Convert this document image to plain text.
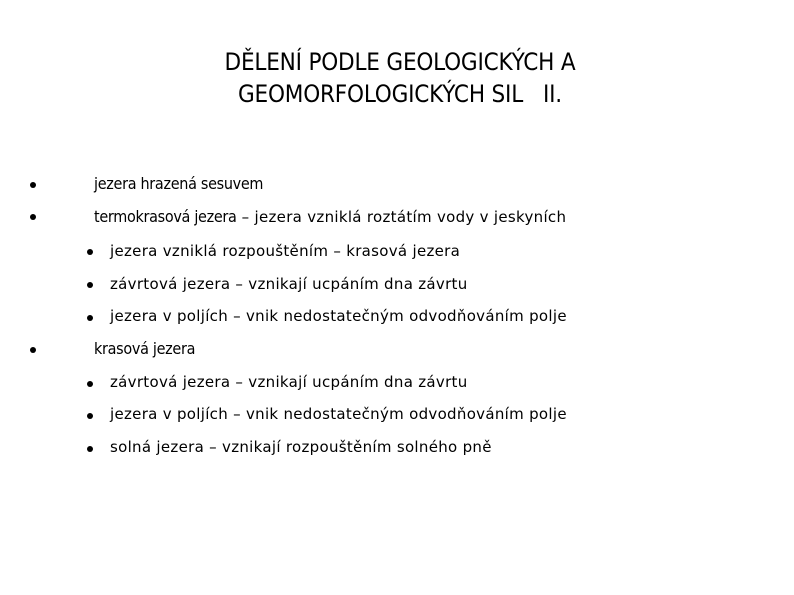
DĚLENÍ PODLE GEOLOGICKÝCH A
GEOMORFOLOGICKÝCH SIL   II.
jezera hrazená sesuvem
termokrasová jezera – jezera vzniklá roztátím vody v jeskyních
jezera vzniklá rozpouštěním – krasová jezera
závrtová jezera – vznikají ucpáním dna závrtu
jezera v poljích – vnik nedostatečným odvodňováním polje
krasová jezera
závrtová jezera – vznikají ucpáním dna závrtu
jezera v poljích – vnik nedostatečným odvodňováním polje
solná jezera – vznikají rozpouštěním solného pně
